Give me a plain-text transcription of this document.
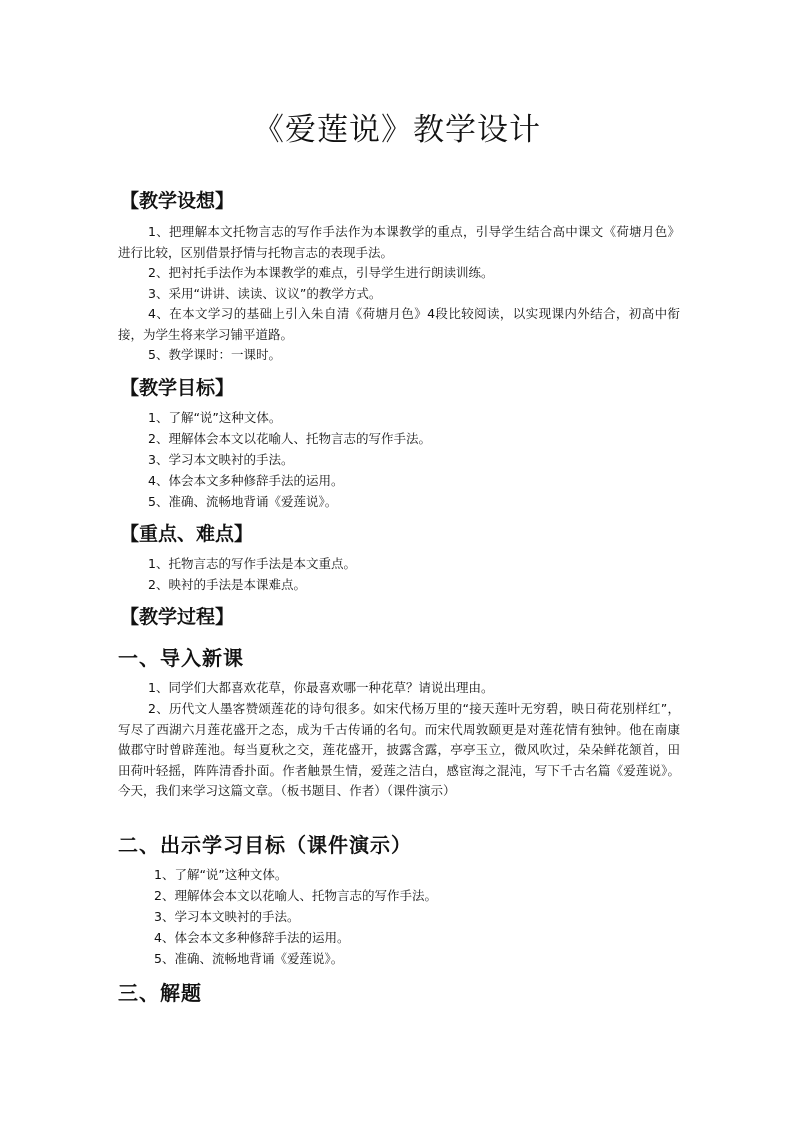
《爱莲说》教学设计
【教学设想】
1、把理解本文托物言志的写作手法作为本课教学的重点，引导学生结合高中课文《荷塘月色》进行比较，区别借景抒情与托物言志的表现手法。
2、把衬托手法作为本课教学的难点，引导学生进行朗读训练。
3、采用“讲讲、读读、议议”的教学方式。
4、在本文学习的基础上引入朱自清《荷塘月色》4段比较阅读，以实现课内外结合，初高中衔接，为学生将来学习铺平道路。
5、教学课时：一课时。
【教学目标】
1、了解“说”这种文体。
2、理解体会本文以花喻人、托物言志的写作手法。
3、学习本文映衬的手法。
4、体会本文多种修辞手法的运用。
5、准确、流畅地背诵《爱莲说》。
【重点、难点】
1、托物言志的写作手法是本文重点。
2、映衬的手法是本课难点。
【教学过程】
一、导入新课
1、同学们大都喜欢花草，你最喜欢哪一种花草？请说出理由。
2、历代文人墨客赞颂莲花的诗句很多。如宋代杨万里的“接天莲叶无穷碧，映日荷花别样红”，写尽了西湖六月莲花盛开之态，成为千古传诵的名句。而宋代周敦颐更是对莲花情有独钟。他在南康做郡守时曾辟莲池。每当夏秋之交，莲花盛开，披露含露，亭亭玉立，微风吹过，朵朵鲜花颔首，田田荷叶轻摇，阵阵清香扑面。作者触景生情，爱莲之洁白，感宦海之混沌，写下千古名篇《爱莲说》。今天，我们来学习这篇文章。（板书题目、作者）（课件演示）
二、出示学习目标（课件演示）
1、了解“说”这种文体。
2、理解体会本文以花喻人、托物言志的写作手法。
3、学习本文映衬的手法。
4、体会本文多种修辞手法的运用。
5、准确、流畅地背诵《爱莲说》。
三、解题
